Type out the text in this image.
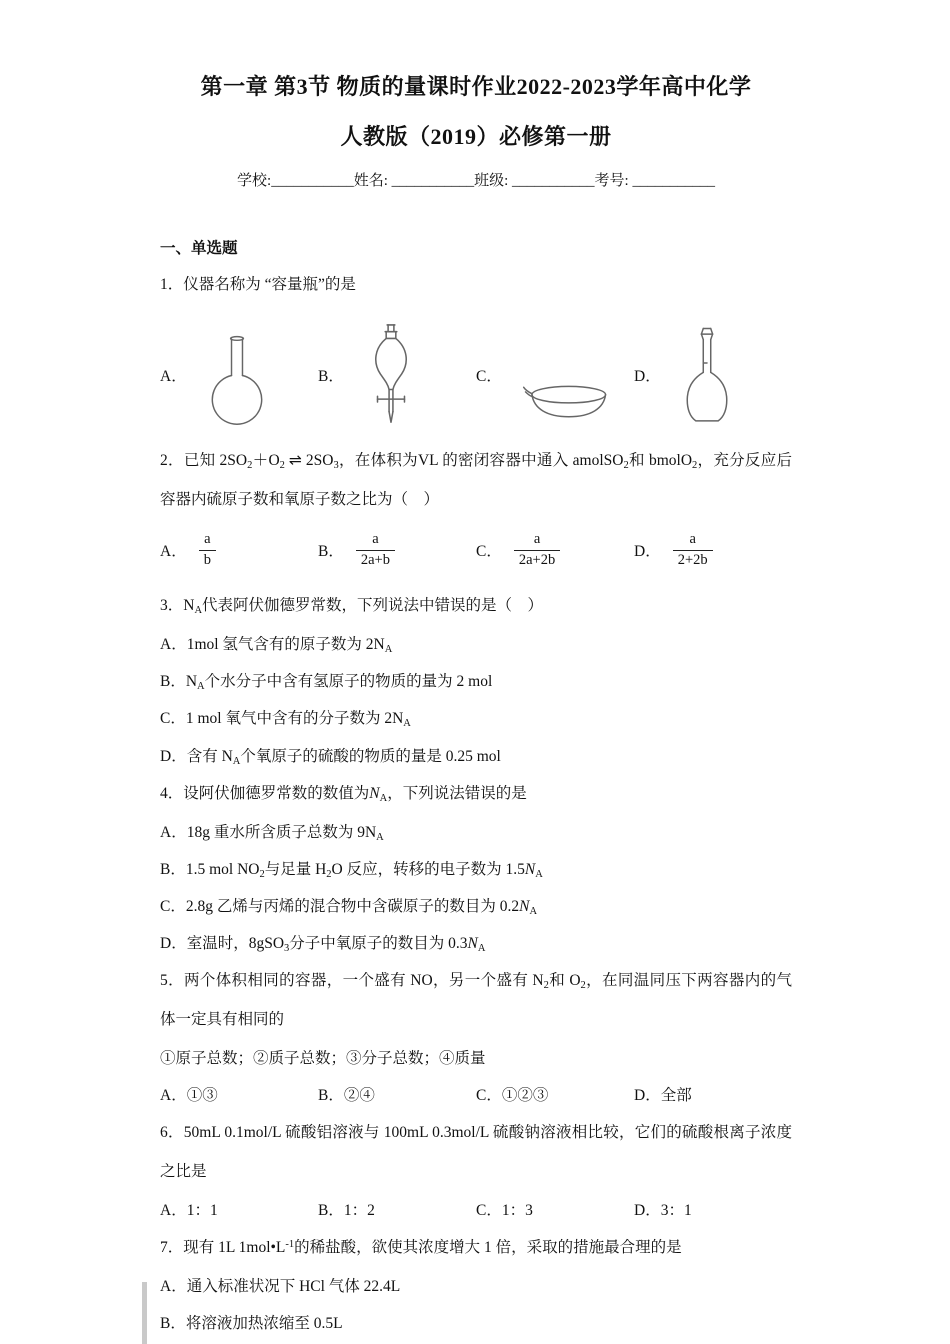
第一章 第3节 物质的量课时作业2022-2023学年高中化学
人教版（2019）必修第一册
学校:___________姓名: ___________班级: ___________考号: ___________
一、单选题
1．仪器名称为 “容量瓶”的是
A．	B．	C．	D．
2．已知 $2SO_2+O_2$ ⇌ $2SO_3$，在体积为VL 的密闭容器中通入 amolSO$_2$和 bmolO$_2$，充分反应后容器内硫原子数和氧原子数之比为（　）
A． $\frac{a}{b}$	B． $\frac{a}{2a+b}$	C． $\frac{a}{2a+2b}$	D． $\frac{a}{2+2b}$
3．$N_A$代表阿伏伽德罗常数，下列说法中错误的是（　）
A．1mol 氢气含有的原子数为 $2N_A$
B．$N_A$个水分子中含有氢原子的物质的量为 2 mol
C．1 mol 氧气中含有的分子数为 $2N_A$
D．含有 $N_A$个氧原子的硫酸的物质的量是 0.25 mol
4．设阿伏伽德罗常数的数值为$N_A$，下列说法错误的是
A．18g 重水所含质子总数为 $9N_A$
B．1.5 mol $NO_2$与足量 $H_2O$ 反应，转移的电子数为 $1.5N_A$
C．2.8g 乙烯与丙烯的混合物中含碳原子的数目为 $0.2N_A$
D．室温时，8gSO$_3$分子中氧原子的数目为 $0.3N_A$
5．两个体积相同的容器，一个盛有 NO，另一个盛有 $N_2$和 $O_2$，在同温同压下两容器内的气体一定具有相同的
①原子总数；②质子总数；③分子总数；④质量
A．①③	B．②④	C．①②③	D．全部
6．50mL 0.1mol/L 硫酸铝溶液与 100mL 0.3mol/L 硫酸钠溶液相比较，它们的硫酸根离子浓度之比是
A．1：1	B．1：2	C．1：3	D．3：1
7．现有 1L $1mol•L^{-1}$的稀盐酸，欲使其浓度增大 1 倍，采取的措施最合理的是
A．通入标准状况下 HCl 气体 22.4L
B．将溶液加热浓缩至 0.5L
